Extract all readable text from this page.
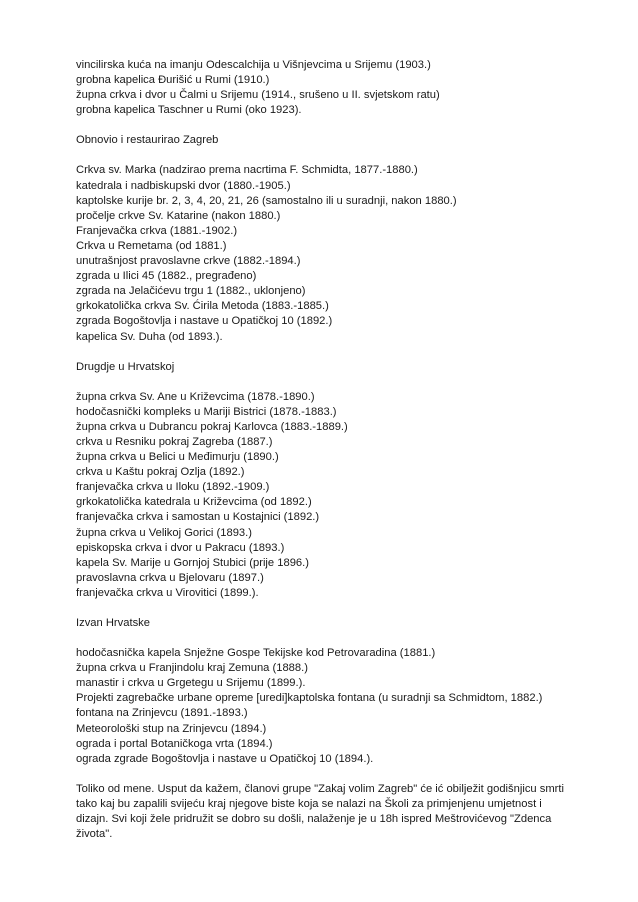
vincilirska kuća na imanju Odescalchija u Višnjevcima u Srijemu (1903.)
grobna kapelica Đurišić u Rumi (1910.)
župna crkva i dvor u Čalmi u Srijemu (1914., srušeno u II. svjetskom ratu)
grobna kapelica Taschner u Rumi (oko 1923).
Obnovio i restaurirao Zagreb
Crkva sv. Marka (nadzirao prema nacrtima F. Schmidta, 1877.-1880.)
katedrala i nadbiskupski dvor (1880.-1905.)
kaptolske kurije br. 2, 3, 4, 20, 21, 26 (samostalno ili u suradnji, nakon 1880.)
pročelje crkve Sv. Katarine (nakon 1880.)
Franjevačka crkva (1881.-1902.)
Crkva u Remetama (od 1881.)
unutrašnjost pravoslavne crkve (1882.-1894.)
zgrada u Ilici 45 (1882., pregrađeno)
zgrada na Jelačićevu trgu 1 (1882., uklonjeno)
grkokatolička crkva Sv. Ćirila Metoda (1883.-1885.)
zgrada Bogoštovlja i nastave u Opatičkoj 10 (1892.)
kapelica Sv. Duha (od 1893.).
Drugdje u Hrvatskoj
župna crkva Sv. Ane u Križevcima (1878.-1890.)
hodočasnički kompleks u Mariji Bistrici (1878.-1883.)
župna crkva u Dubrancu pokraj Karlovca (1883.-1889.)
crkva u Resniku pokraj Zagreba (1887.)
župna crkva u Belici u Međimurju (1890.)
crkva u Kaštu pokraj Ozlja (1892.)
franjevačka crkva u Iloku (1892.-1909.)
grkokatolička katedrala u Križevcima (od 1892.)
franjevačka crkva i samostan u Kostajnici (1892.)
župna crkva u Velikoj Gorici (1893.)
episkopska crkva i dvor u Pakracu (1893.)
kapela Sv. Marije u Gornjoj Stubici (prije 1896.)
pravoslavna crkva u Bjelovaru (1897.)
franjevačka crkva u Virovitici (1899.).
Izvan Hrvatske
hodočasnička kapela Snježne Gospe Tekijske kod Petrovaradina (1881.)
župna crkva u Franjindolu kraj Zemuna (1888.)
manastir i crkva u Grgetegu u Srijemu (1899.).
Projekti zagrebačke urbane opreme [uredi]kaptolska fontana (u suradnji sa Schmidtom, 1882.)
fontana na Zrinjevcu (1891.-1893.)
Meteorološki stup na Zrinjevcu (1894.)
ograda i portal Botaničkoga vrta (1894.)
ograda zgrade Bogoštovlja i nastave u Opatičkoj 10 (1894.).
Toliko od mene. Usput da kažem, članovi grupe "Zakaj volim Zagreb" će ić obilježit godišnjicu smrti tako kaj bu zapalili svijeću kraj njegove biste koja se nalazi na Školi za primjenjenu umjetnost i dizajn. Svi koji žele pridružit se dobro su došli, nalaženje je u 18h ispred Meštrovićevog "Zdenca života".
